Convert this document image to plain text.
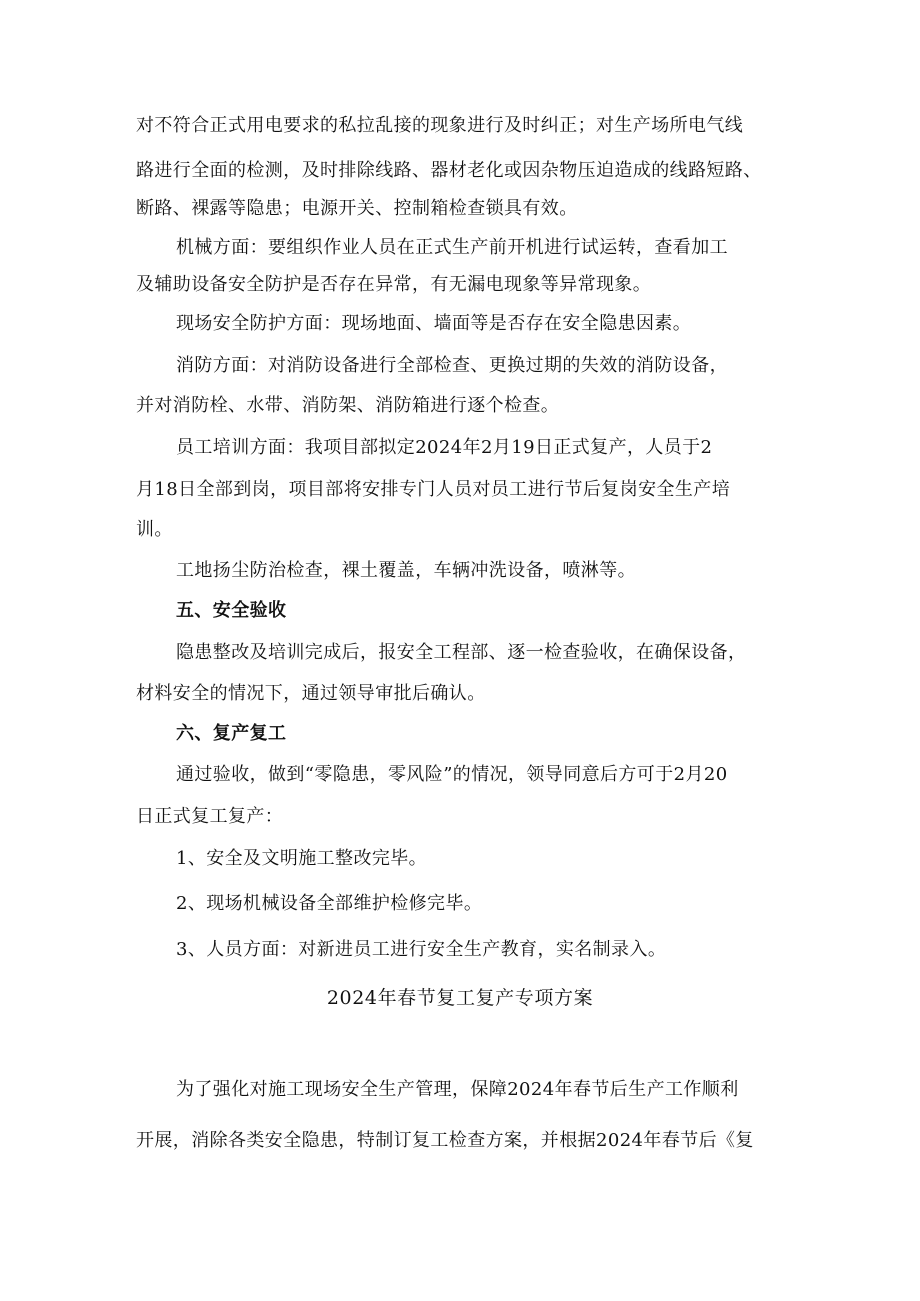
对不符合正式用电要求的私拉乱接的现象进行及时纠正；对生产场所电气线
路进行全面的检测，及时排除线路、器材老化或因杂物压迫造成的线路短路、
断路、裸露等隐患；电源开关、控制箱检查锁具有效。
机械方面：要组织作业人员在正式生产前开机进行试运转，查看加工
及辅助设备安全防护是否存在异常，有无漏电现象等异常现象。
现场安全防护方面：现场地面、墙面等是否存在安全隐患因素。
消防方面：对消防设备进行全部检查、更换过期的失效的消防设备，
并对消防栓、水带、消防架、消防箱进行逐个检查。
员工培训方面：我项目部拟定2024年2月19日正式复产，人员于2
月18日全部到岗，项目部将安排专门人员对员工进行节后复岗安全生产培
训。
工地扬尘防治检查，裸土覆盖，车辆冲洗设备，喷淋等。
五、安全验收
隐患整改及培训完成后，报安全工程部、逐一检查验收，在确保设备，
材料安全的情况下，通过领导审批后确认。
六、复产复工
通过验收，做到“零隐患，零风险”的情况，领导同意后方可于2月20
日正式复工复产：
1、安全及文明施工整改完毕。
2、现场机械设备全部维护检修完毕。
3、人员方面：对新进员工进行安全生产教育，实名制录入。
2024年春节复工复产专项方案
为了强化对施工现场安全生产管理，保障2024年春节后生产工作顺利
开展，消除各类安全隐患，特制订复工检查方案，并根据2024年春节后《复
